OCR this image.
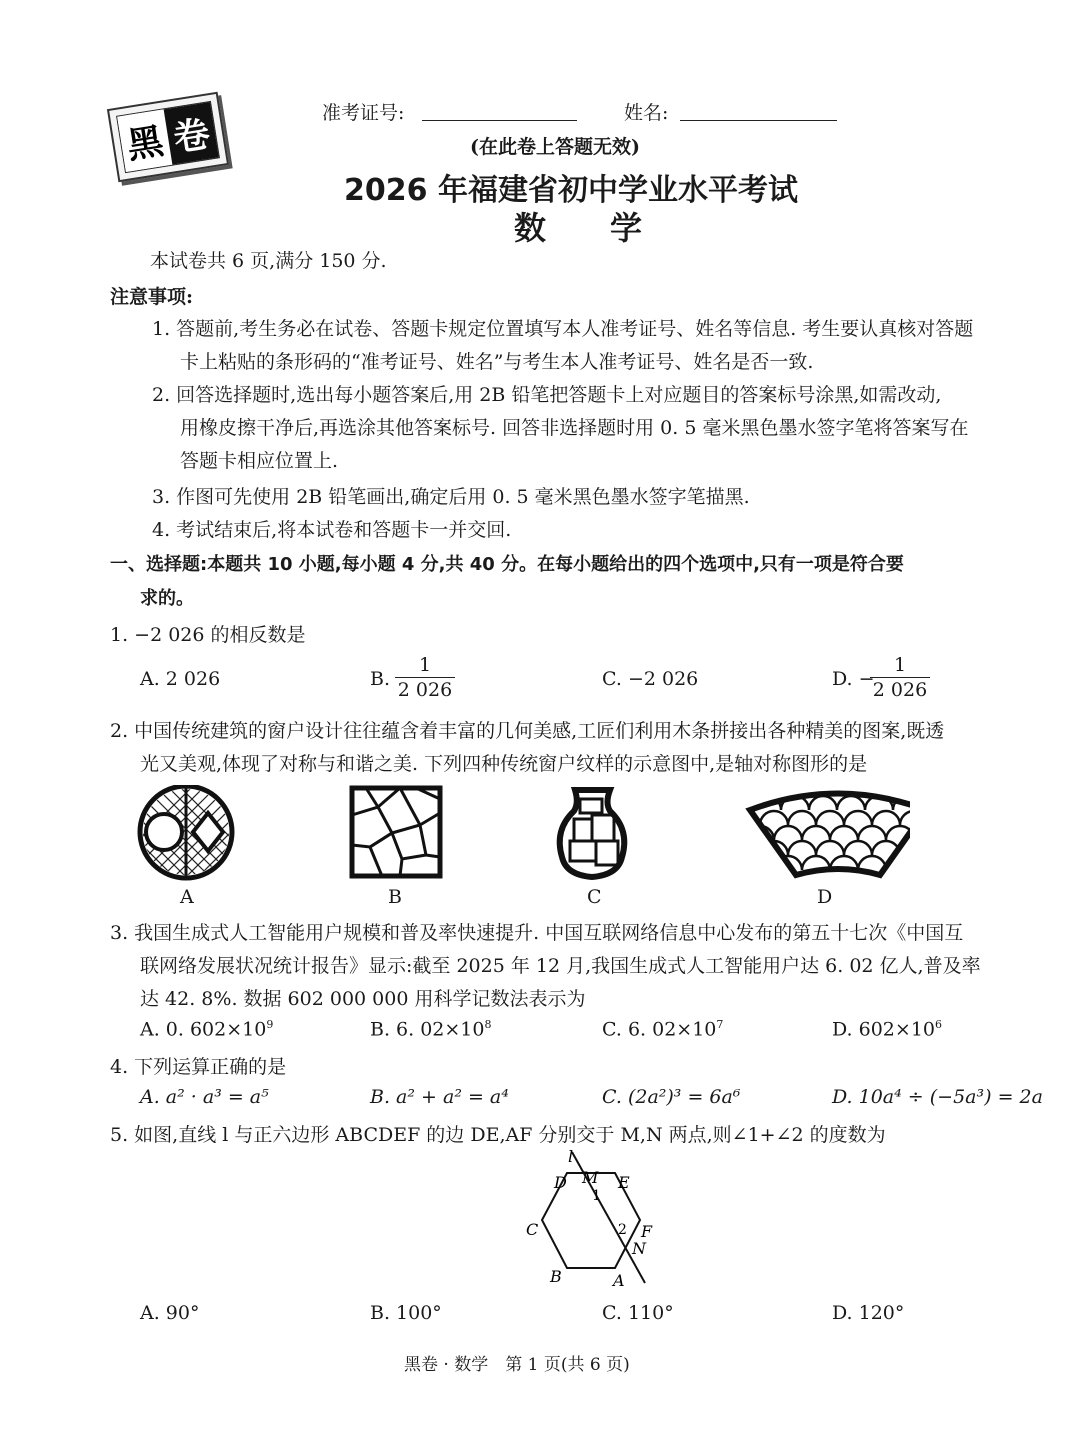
黑 卷
准考证号:	姓名:
(在此卷上答题无效)
2026 年福建省初中学业水平考试
数　　学
本试卷共 6 页,满分 150 分.
注意事项:
1. 答题前,考生务必在试卷、答题卡规定位置填写本人准考证号、姓名等信息. 考生要认真核对答题
卡上粘贴的条形码的“准考证号、姓名”与考生本人准考证号、姓名是否一致.
2. 回答选择题时,选出每小题答案后,用 2B 铅笔把答题卡上对应题目的答案标号涂黑,如需改动,
用橡皮擦干净后,再选涂其他答案标号. 回答非选择题时用 0. 5 毫米黑色墨水签字笔将答案写在
答题卡相应位置上.
3. 作图可先使用 2B 铅笔画出,确定后用 0. 5 毫米黑色墨水签字笔描黑.
4. 考试结束后,将本试卷和答题卡一并交回.
一、选择题:本题共 10 小题,每小题 4 分,共 40 分。在每小题给出的四个选项中,只有一项是符合要
求的。
1. −2 026 的相反数是
A. 2 026	B.
1
2 026	C. −2 026	D. −
1
2 026
2. 中国传统建筑的窗户设计往往蕴含着丰富的几何美感,工匠们利用木条拼接出各种精美的图案,既透
光又美观,体现了对称与和谐之美. 下列四种传统窗户纹样的示意图中,是轴对称图形的是
A	B	C	D
3. 我国生成式人工智能用户规模和普及率快速提升. 中国互联网络信息中心发布的第五十七次《中国互
联网络发展状况统计报告》显示:截至 2025 年 12 月,我国生成式人工智能用户达 6. 02 亿人,普及率
达 42. 8%. 数据 602 000 000 用科学记数法表示为
A. 0. $602\times 10^9$	B. 6. $02\times 10^8$	C. 6. $02\times 10^7$	D. $602\times 10^6$
4. 下列运算正确的是
A. a² · a³ = a⁵	B. a² + a² = a⁴	C. (2a²)³ = 6a⁶	D. 10a⁴ ÷ (−5a³) = 2a
5. 如图,直线 l 与正六边形 ABCDEF 的边 DE,AF 分别交于 M,N 两点,则∠1+∠2 的度数为
l
M E
D
C	F
N
B	A
1
2
A. 90°	B. 100°	C. 110°	D. 120°
黑卷 · 数学　第 1 页(共 6 页)
